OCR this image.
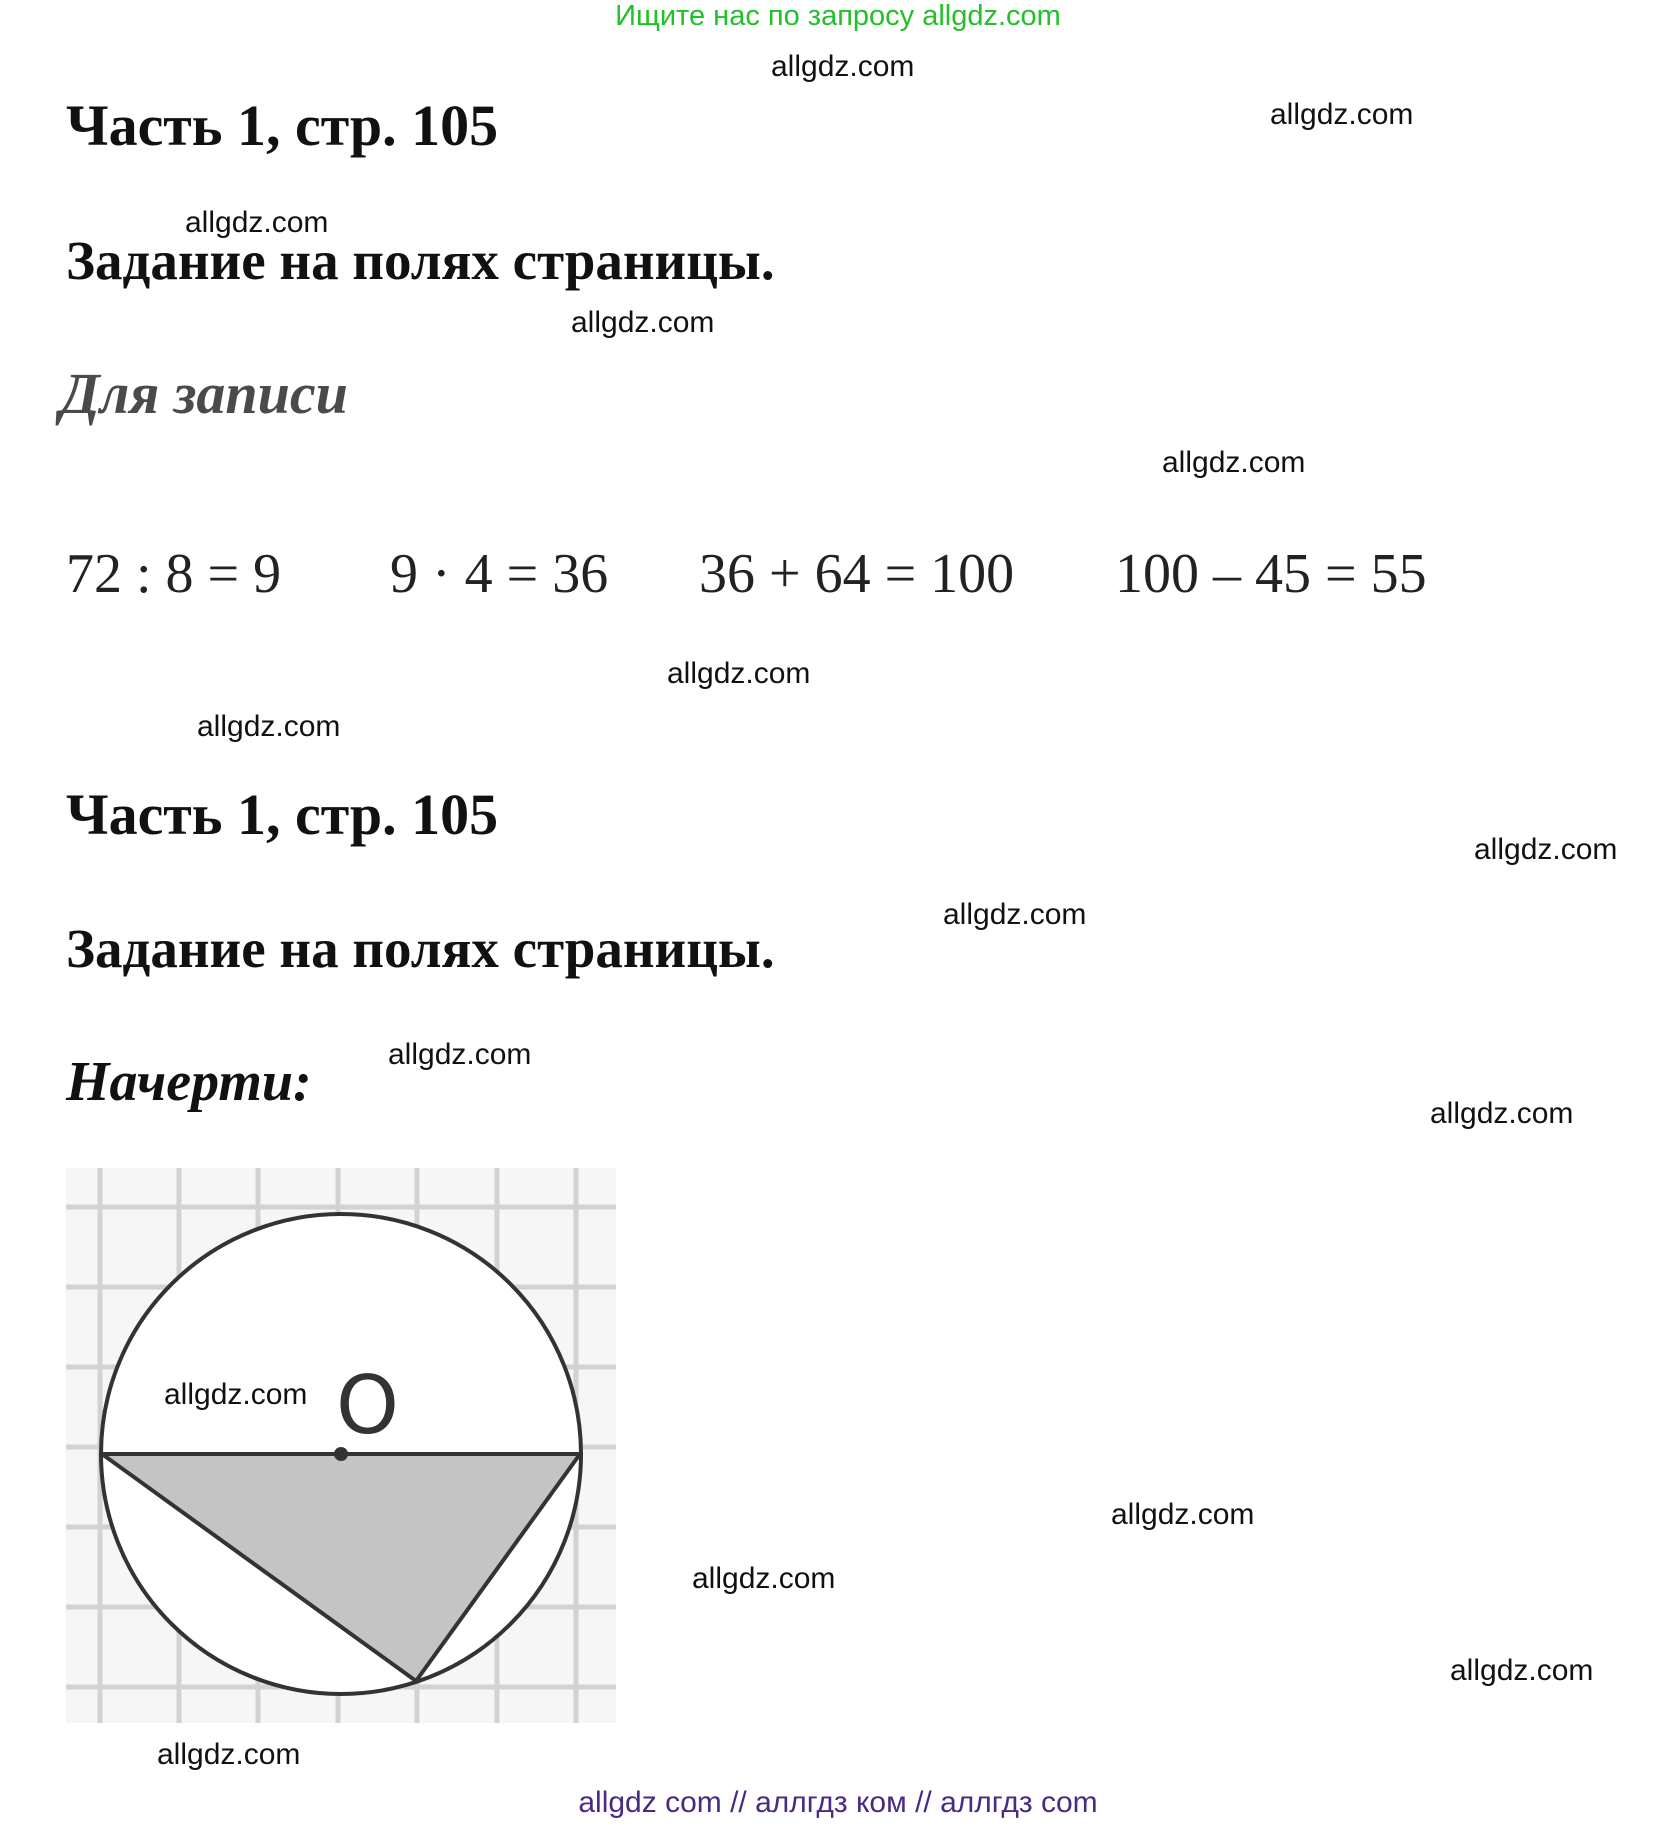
Ищите нас по запросу allgdz.com
allgdz.com
allgdz.com
allgdz.com
allgdz.com
allgdz.com
allgdz.com
allgdz.com
allgdz.com
allgdz.com
allgdz.com
allgdz.com
allgdz.com
allgdz.com
allgdz.com
allgdz.com
Часть 1, стр. 105
Задание на полях страницы.
Для записи
72 : 8 = 9 9 · 4 = 36 36 + 64 = 100 100 – 45 = 55
Часть 1, стр. 105
Задание на полях страницы.
Начерти:
O
allgdz.com
allgdz com // аллгдз ком // аллгдз com
